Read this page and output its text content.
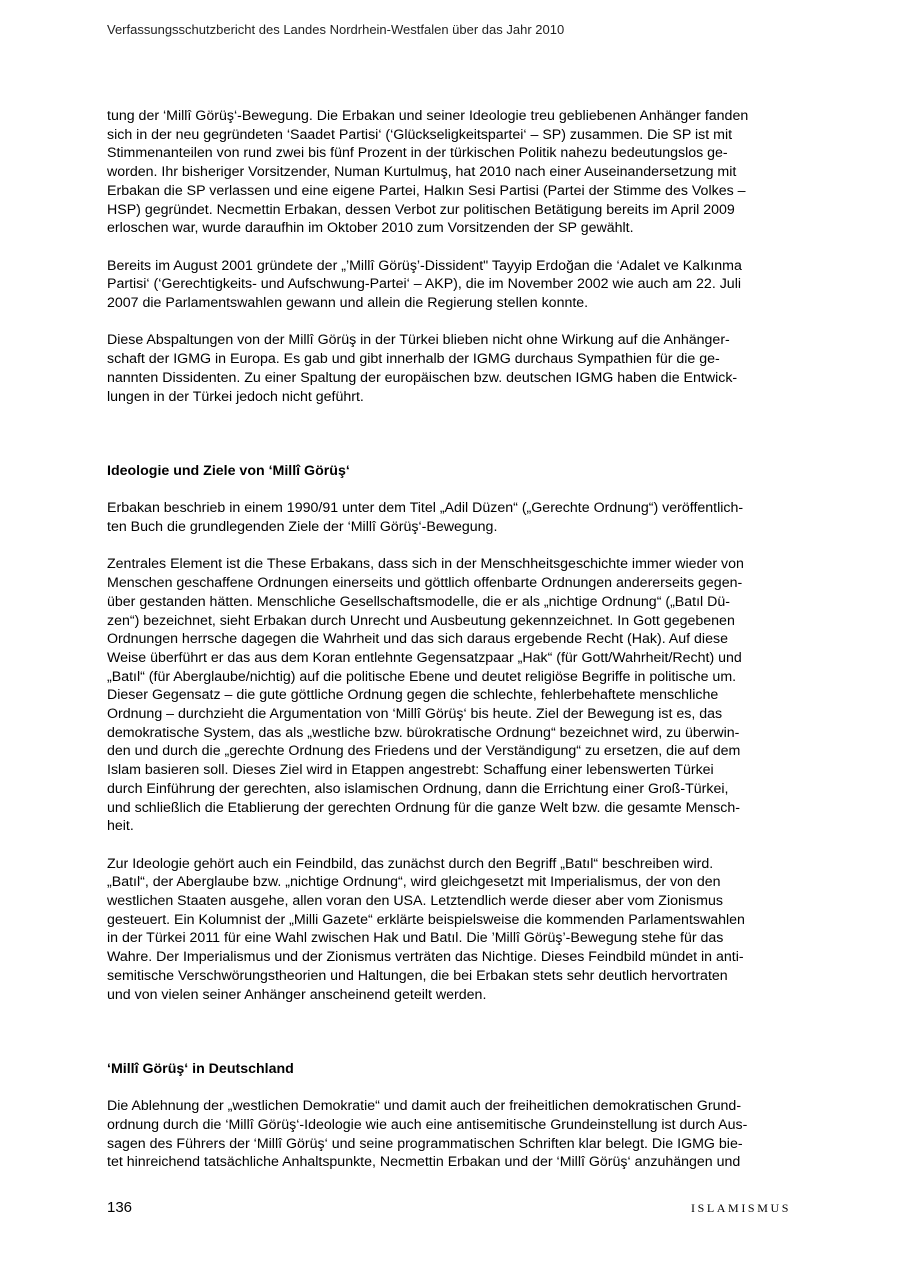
Verfassungsschutzbericht des Landes Nordrhein-Westfalen über das Jahr 2010

tung der ‘Millî Görüş‘-Bewegung. Die Erbakan und seiner Ideologie treu gebliebenen Anhänger fanden
sich in der neu gegründeten ‘Saadet Partisi‘ (‘Glückseligkeitspartei‘ – SP) zusammen. Die SP ist mit
Stimmenanteilen von rund zwei bis fünf Prozent in der türkischen Politik nahezu bedeutungslos ge-
worden. Ihr bisheriger Vorsitzender, Numan Kurtulmuş, hat 2010 nach einer Auseinandersetzung mit
Erbakan die SP verlassen und eine eigene Partei, Halkın Sesi Partisi (Partei der Stimme des Volkes –
HSP) gegründet. Necmettin Erbakan, dessen Verbot zur politischen Betätigung bereits im April 2009
erloschen war, wurde daraufhin im Oktober 2010 zum Vorsitzenden der SP gewählt.

Bereits im August 2001 gründete der „’Millî Görüş’-Dissident" Tayyip Erdoğan die ‘Adalet ve Kalkınma
Partisi‘ (‘Gerechtigkeits- und Aufschwung-Partei‘ – AKP), die im November 2002 wie auch am 22. Juli
2007 die Parlamentswahlen gewann und allein die Regierung stellen konnte.

Diese Abspaltungen von der Millî Görüş in der Türkei blieben nicht ohne Wirkung auf die Anhänger-
schaft der IGMG in Europa. Es gab und gibt innerhalb der IGMG durchaus Sympathien für die ge-
nannten Dissidenten. Zu einer Spaltung der europäischen bzw. deutschen IGMG haben die Entwick-
lungen in der Türkei jedoch nicht geführt.

Ideologie und Ziele von ‘Millî Görüş‘

Erbakan beschrieb in einem 1990/91 unter dem Titel „Adil Düzen“ („Gerechte Ordnung“) veröffentlich-
ten Buch die grundlegenden Ziele der ‘Millî Görüş‘-Bewegung.

Zentrales Element ist die These Erbakans, dass sich in der Menschheitsgeschichte immer wieder von
Menschen geschaffene Ordnungen einerseits und göttlich offenbarte Ordnungen andererseits gegen-
über gestanden hätten. Menschliche Gesellschaftsmodelle, die er als „nichtige Ordnung“ („Batıl Dü-
zen“) bezeichnet, sieht Erbakan durch Unrecht und Ausbeutung gekennzeichnet. In Gott gegebenen
Ordnungen herrsche dagegen die Wahrheit und das sich daraus ergebende Recht (Hak). Auf diese
Weise überführt er das aus dem Koran entlehnte Gegensatzpaar „Hak“ (für Gott/Wahrheit/Recht) und
„Batıl“ (für Aberglaube/nichtig) auf die politische Ebene und deutet religiöse Begriffe in politische um.
Dieser Gegensatz – die gute göttliche Ordnung gegen die schlechte, fehlerbehaftete menschliche
Ordnung – durchzieht die Argumentation von ‘Millî Görüş‘ bis heute. Ziel der Bewegung ist es, das
demokratische System, das als „westliche bzw. bürokratische Ordnung“ bezeichnet wird, zu überwin-
den und durch die „gerechte Ordnung des Friedens und der Verständigung“ zu ersetzen, die auf dem
Islam basieren soll. Dieses Ziel wird in Etappen angestrebt: Schaffung einer lebenswerten Türkei
durch Einführung der gerechten, also islamischen Ordnung, dann die Errichtung einer Groß-Türkei,
und schließlich die Etablierung der gerechten Ordnung für die ganze Welt bzw. die gesamte Mensch-
heit.

Zur Ideologie gehört auch ein Feindbild, das zunächst durch den Begriff „Batıl“ beschreiben wird.
„Batıl“, der Aberglaube bzw. „nichtige Ordnung“, wird gleichgesetzt mit Imperialismus, der von den
westlichen Staaten ausgehe, allen voran den USA. Letztendlich werde dieser aber vom Zionismus
gesteuert. Ein Kolumnist der „Milli Gazete“ erklärte beispielsweise die kommenden Parlamentswahlen
in der Türkei 2011 für eine Wahl zwischen Hak und Batıl. Die ’Millî Görüş’-Bewegung stehe für das
Wahre. Der Imperialismus und der Zionismus verträten das Nichtige. Dieses Feindbild mündet in anti-
semitische Verschwörungstheorien und Haltungen, die bei Erbakan stets sehr deutlich hervortraten
und von vielen seiner Anhänger anscheinend geteilt werden.

‘Millî Görüş‘ in Deutschland

Die Ablehnung der „westlichen Demokratie“ und damit auch der freiheitlichen demokratischen Grund-
ordnung durch die ‘Millî Görüş‘-Ideologie wie auch eine antisemitische Grundeinstellung ist durch Aus-
sagen des Führers der ‘Millî Görüş‘ und seine programmatischen Schriften klar belegt. Die IGMG bie-
tet hinreichend tatsächliche Anhaltspunkte, Necmettin Erbakan und der ‘Millî Görüş‘ anzuhängen und

136	ISLAMISMUS
